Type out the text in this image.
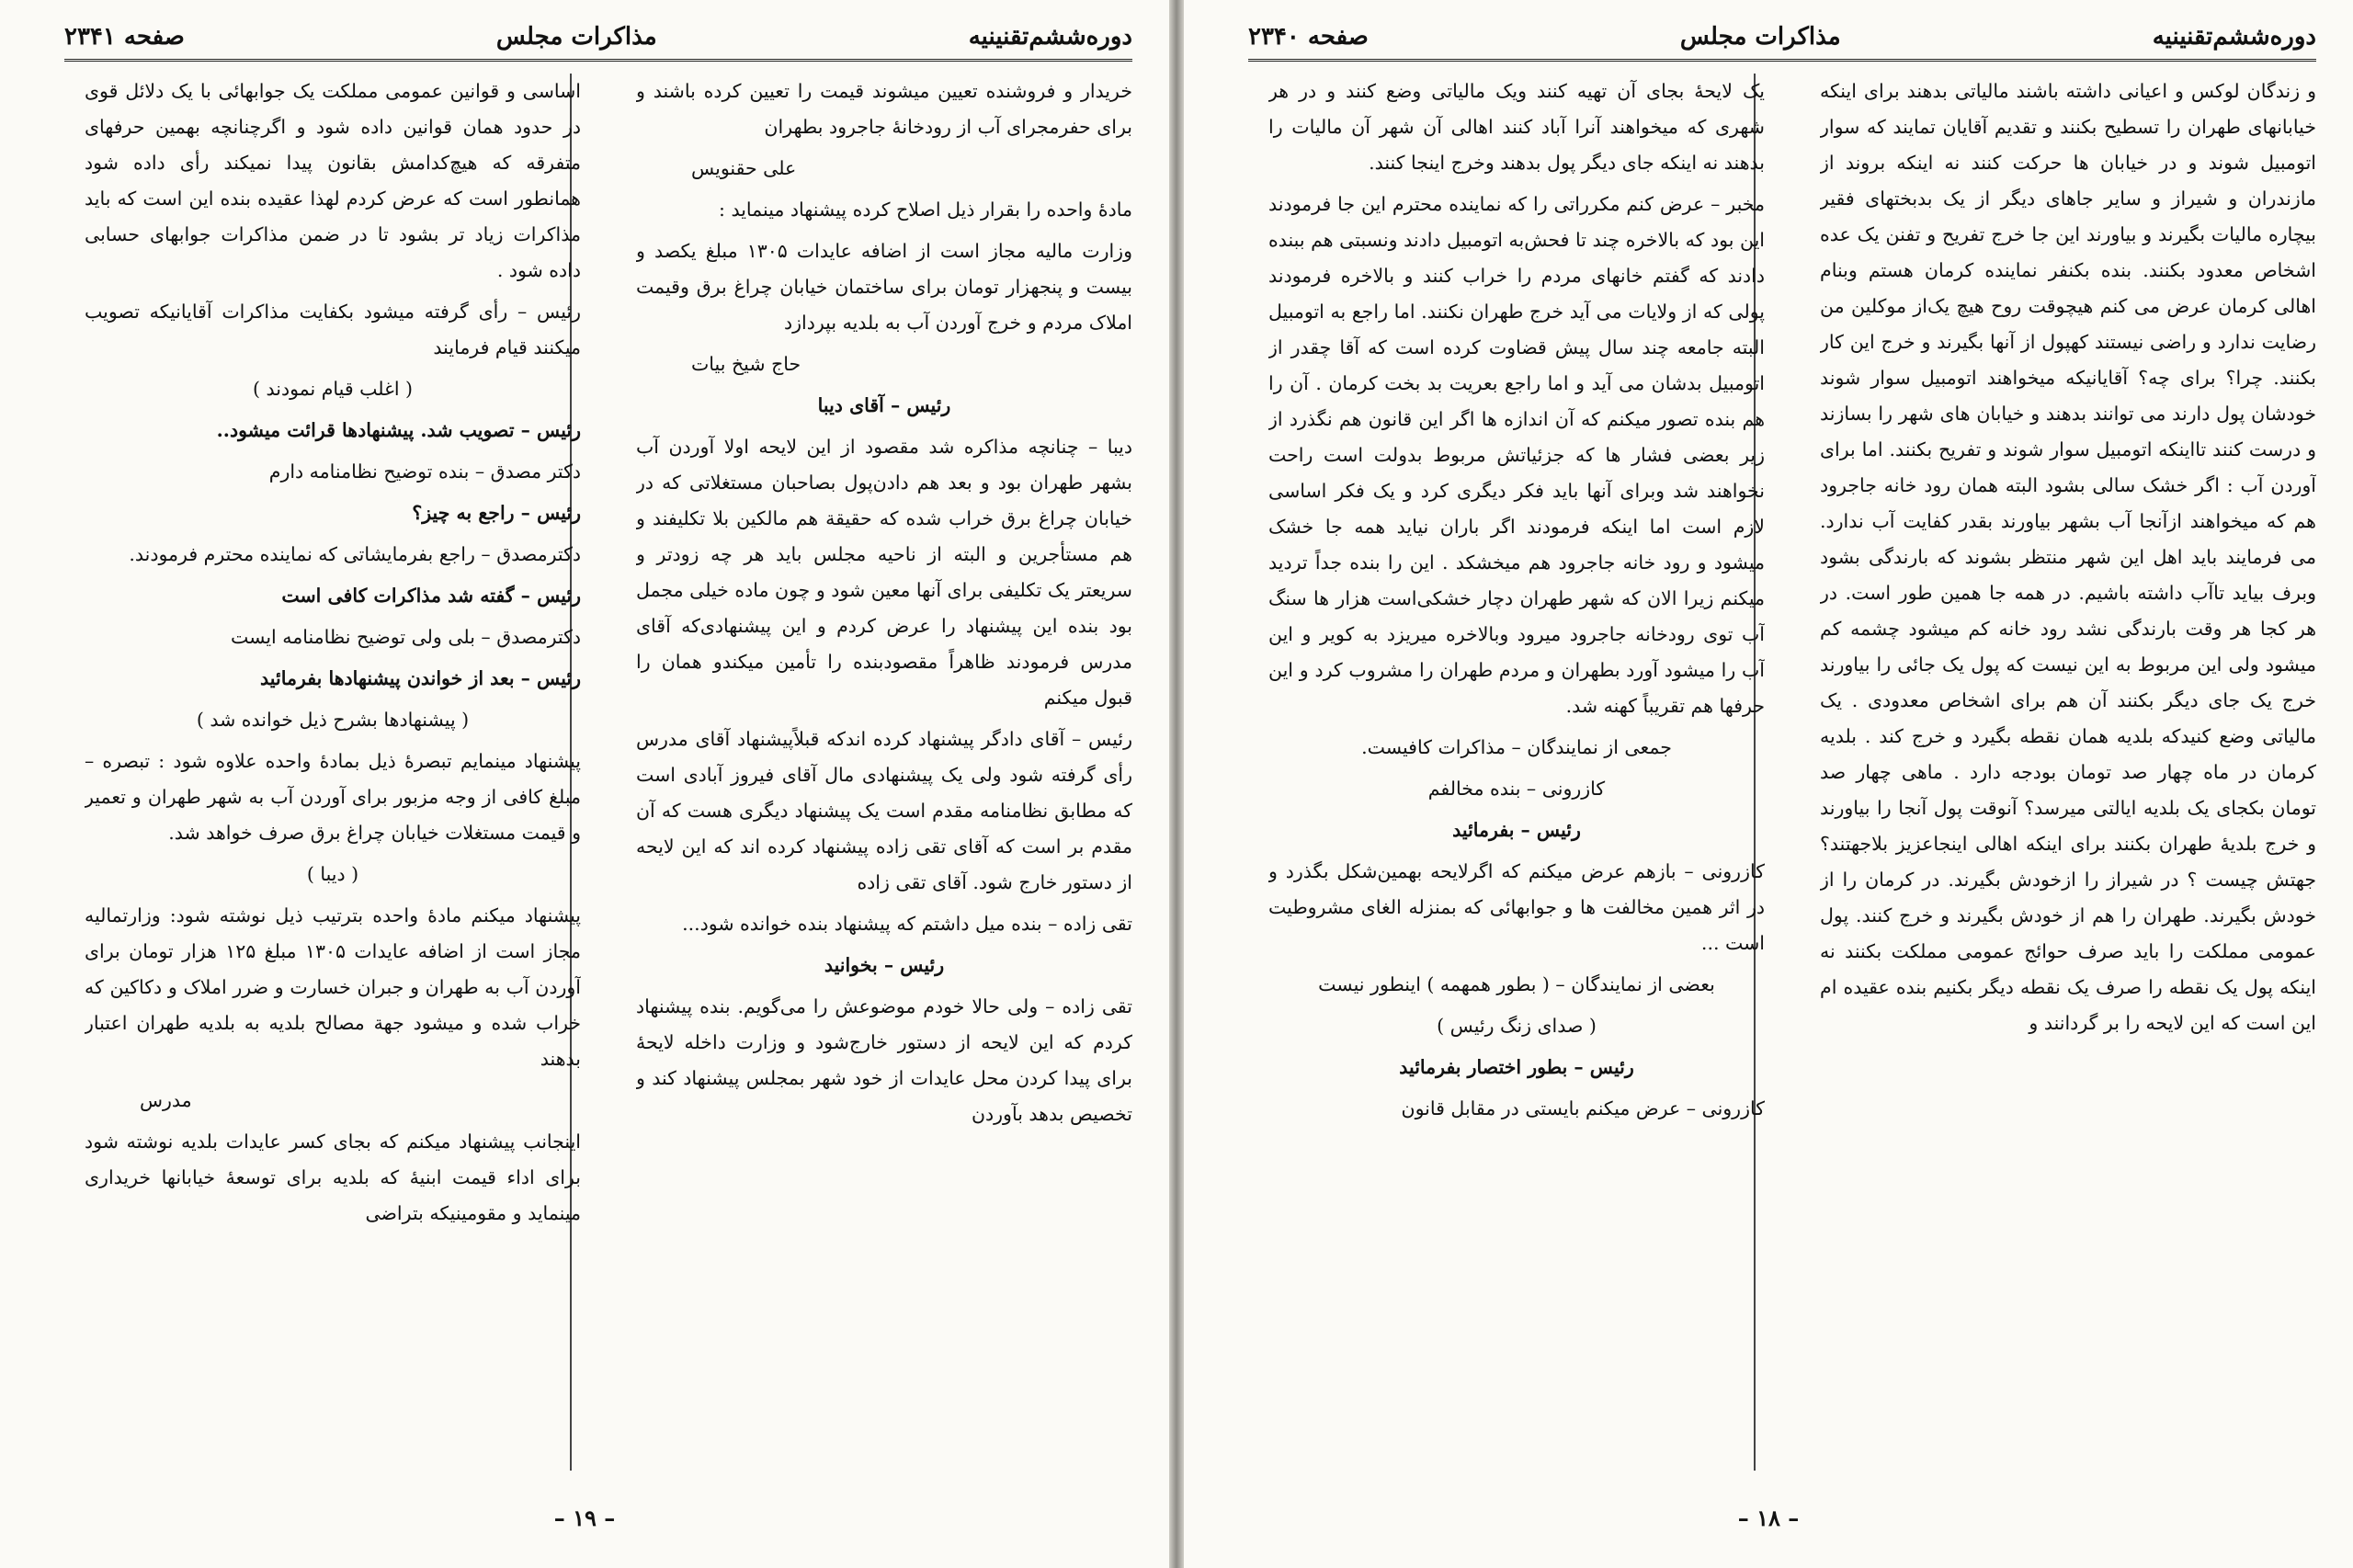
دوره‌ششم‌تقنینیه
مذاکرات مجلس
صفحه ۲۳۴۱

خریدار و فروشنده تعیین میشوند قیمت را تعیین کرده باشند و برای حفرمجرای آب از رودخانهٔ جاجرود بطهران

علی حقنویس

مادهٔ واحده را بقرار ذیل اصلاح کرده پیشنهاد مینماید :

وزارت مالیه مجاز است از اضافه عایدات ۱۳۰۵ مبلغ یکصد و بیست و پنجهزار تومان برای ساختمان خیابان چراغ برق وقیمت املاک مردم و خرج آوردن آب به بلدیه بپردازد

حاج شیخ بیات

رئیس – آقای دیبا

دیبا – چنانچه مذاکره شد مقصود از این لایحه اولا آوردن آب بشهر طهران بود و بعد هم دادن‌پول بصاحبان مستغلاتی که در خیابان چراغ برق خراب شده که حقیقة هم مالکین بلا تکلیفند و هم مستأجرین و البته از ناحیه مجلس باید هر چه زودتر و سریعتر یک تکلیفی برای آنها معین شود و چون ماده خیلی مجمل بود بنده این پیشنهاد را عرض کردم و این پیشنهادی‌که آقای مدرس فرمودند ظاهراً مقصودبنده را تأمین میکندو همان را قبول میکنم

رئیس – آقای دادگر پیشنهاد کرده اندکه قبلاًپیشنهاد آقای مدرس رأی گرفته شود ولی یک پیشنهادی مال آقای فیروز آبادی است که مطابق نظامنامه مقدم است یک پیشنهاد دیگری هست که آن مقدم بر است که آقای تقی زاده پیشنهاد کرده اند که این لایحه از دستور خارج شود. آقای تقی زاده

تقی زاده – بنده میل داشتم که پیشنهاد بنده خوانده شود...

رئیس – بخوانید

تقی زاده – ولی حالا خودم موضوعش را می‌گویم. بنده پیشنهاد کردم که این لایحه از دستور خارج‌شود و وزارت داخله لایحهٔ برای پیدا کردن محل عایدات از خود شهر بمجلس پیشنهاد کند و تخصیص بدهد بآوردن

اساسی و قوانین عمومی مملکت یک جوابهائی با یک دلائل قوی در حدود همان قوانین داده شود و اگرچنانچه بهمین حرفهای متفرقه که هیچ‌کدامش بقانون پیدا نمیکند رأی داده شود همانطور است که عرض کردم لهذا عقیده بنده این است که باید مذاکرات زیاد تر بشود تا در ضمن مذاکرات جوابهای حسابی داده شود .

رئیس – رأی گرفته میشود بکفایت مذاکرات آقایانیکه تصویب میکنند قیام فرمایند

( اغلب قیام نمودند )

رئیس – تصویب شد. پیشنهادها قرائت میشود..

دکتر مصدق – بنده توضیح نظامنامه دارم

رئیس – راجع به چیز؟

دکترمصدق – راجع بفرمایشاتی که نماینده محترم فرمودند.

رئیس – گفته شد مذاکرات کافی است

دکترمصدق – بلی ولی توضیح نظامنامه ایست

رئیس – بعد از خواندن پیشنهادها بفرمائید

( پیشنهادها بشرح ذیل خوانده شد )

پیشنهاد مینمایم تبصرهٔ ذیل بمادهٔ واحده علاوه شود : تبصره – مبلغ کافی از وجه مزبور برای آوردن آب به شهر طهران و تعمیر و قیمت مستغلات خیابان چراغ برق صرف خواهد شد.

( دیبا )

پیشنهاد میکنم مادهٔ واحده بترتیب ذیل نوشته شود: وزارتمالیه مجاز است از اضافه عایدات ۱۳۰۵ مبلغ ۱۲۵ هزار تومان برای آوردن آب به طهران و جبران خسارت و ضرر املاک و دکاکین که خراب شده و میشود جهة مصالح بلدیه به بلدیه طهران اعتبار بدهند

مدرس

اینجانب پیشنهاد میکنم که بجای کسر عایدات بلدیه نوشته شود برای اداء قیمت ابنیهٔ که بلدیه برای توسعهٔ خیابانها خریداری مینماید و مقومینیکه بتراضی

– ۱۹ –
دوره‌ششم‌تقنینیه
مذاکرات مجلس
صفحه ۲۳۴۰

و زندگان لوکس و اعیانی داشته باشند مالیاتی بدهند برای اینکه خیابانهای طهران را تسطیح بکنند و تقدیم آقایان تمایند که سوار اتومبیل شوند و در خیابان ها حرکت کنند نه اینکه بروند از مازندران و شیراز و سایر جاهای دیگر از یک بدبختهای فقیر بیچاره مالیات بگیرند و بیاورند این جا خرج تفریح و تفنن یک عده اشخاص معدود بکنند. بنده بکنفر نماینده کرمان هستم وبنام اهالی کرمان عرض می کنم هیچوقت روح هیچ یک‌از موکلین من رضایت ندارد و راضی نیستند کهپول از آنها بگیرند و خرج این کار بکنند. چرا؟ برای چه؟ آقایانیکه میخواهند اتومبیل سوار شوند خودشان پول دارند می توانند بدهند و خیابان های شهر را بسازند و درست کنند تااینکه اتومبیل سوار شوند و تفریح بکنند. اما برای آوردن آب : اگر خشک سالی بشود البته همان رود خانه جاجرود هم که میخواهند ازآنجا آب بشهر بیاورند بقدر کفایت آب ندارد. می فرمایند باید اهل این شهر منتظر بشوند که بارندگی بشود وبرف بیاید تاآب داشته باشیم. در همه جا همین طور است. در هر کجا هر وقت بارندگی نشد رود خانه کم میشود چشمه کم میشود ولی این مربوط به این نیست که پول یک جائی را بیاورند خرج یک جای دیگر بکنند آن هم برای اشخاص معدودی . یک مالیاتی وضع کنیدکه بلدیه همان نقطه بگیرد و خرج کند . بلدیه کرمان در ماه چهار صد تومان بودجه دارد . ماهی چهار صد تومان بکجای یک بلدیه ایالتی میرسد؟ آنوقت پول آنجا را بیاورند و خرج بلدیهٔ طهران بکنند برای اینکه اهالی اینجاعزیز بلاجهتند؟ جهتش چیست ؟ در شیراز را ازخودش بگیرند. در کرمان را از خودش بگیرند. طهران را هم از خودش بگیرند و خرج کنند. پول عمومی مملکت را باید صرف حوائج عمومی مملکت بکنند نه اینکه پول یک نقطه را صرف یک نقطه دیگر بکنیم بنده عقیده ام این است که این لایحه را بر گردانند و

یک لایحهٔ بجای آن تهیه کنند ویک مالیاتی وضع کنند و در هر شهری که میخواهند آنرا آباد کنند اهالی آن شهر آن مالیات را بدهند نه اینکه جای دیگر پول بدهند وخرج اینجا کنند.

مخبر – عرض کنم مکرراتی را که نماینده محترم این جا فرمودند این بود که بالاخره چند تا فحش‌به اتومبیل دادند ونسبتی هم ببنده دادند که گفتم خانهای مردم را خراب کنند و بالاخره فرمودند پولی که از ولایات می آید خرج طهران نکنند. اما راجع به اتومبیل البته جامعه چند سال پیش قضاوت کرده است که آقا چقدر از اتومبیل بدشان می آید و اما راجع بعریت بد بخت کرمان . آن را هم بنده تصور میکنم که آن اندازه ها اگر این قانون هم نگذرد از زیر بعضی فشار ها که جزئیاتش مربوط بدولت است راحت نخواهند شد وبرای آنها باید فکر دیگری کرد و یک فکر اساسی لازم است اما اینکه فرمودند اگر باران نیاید همه جا خشک میشود و رود خانه جاجرود هم میخشکد . این را بنده جداً تردید میکنم زیرا الان که شهر طهران دچار خشکی‌است هزار ها سنگ آب توی رودخانه جاجرود میرود وبالاخره میریزد به کویر و این آب را میشود آورد بطهران و مردم طهران را مشروب کرد و این حرفها هم تقریباً کهنه شد.

جمعی از نمایندگان – مذاکرات کافیست.

کازرونی – بنده مخالفم

رئیس – بفرمائید

کازرونی – بازهم عرض میکنم که اگرلایحه بهمین‌شکل بگذرد و در اثر همین مخالفت ها و جوابهائی که بمنزله الغای مشروطیت است ...

بعضی از نمایندگان – ( بطور همهمه ) اینطور نیست

( صدای زنگ رئیس )

رئیس – بطور اختصار بفرمائید

کازرونی – عرض میکنم بایستی در مقابل قانون

– ۱۸ –
